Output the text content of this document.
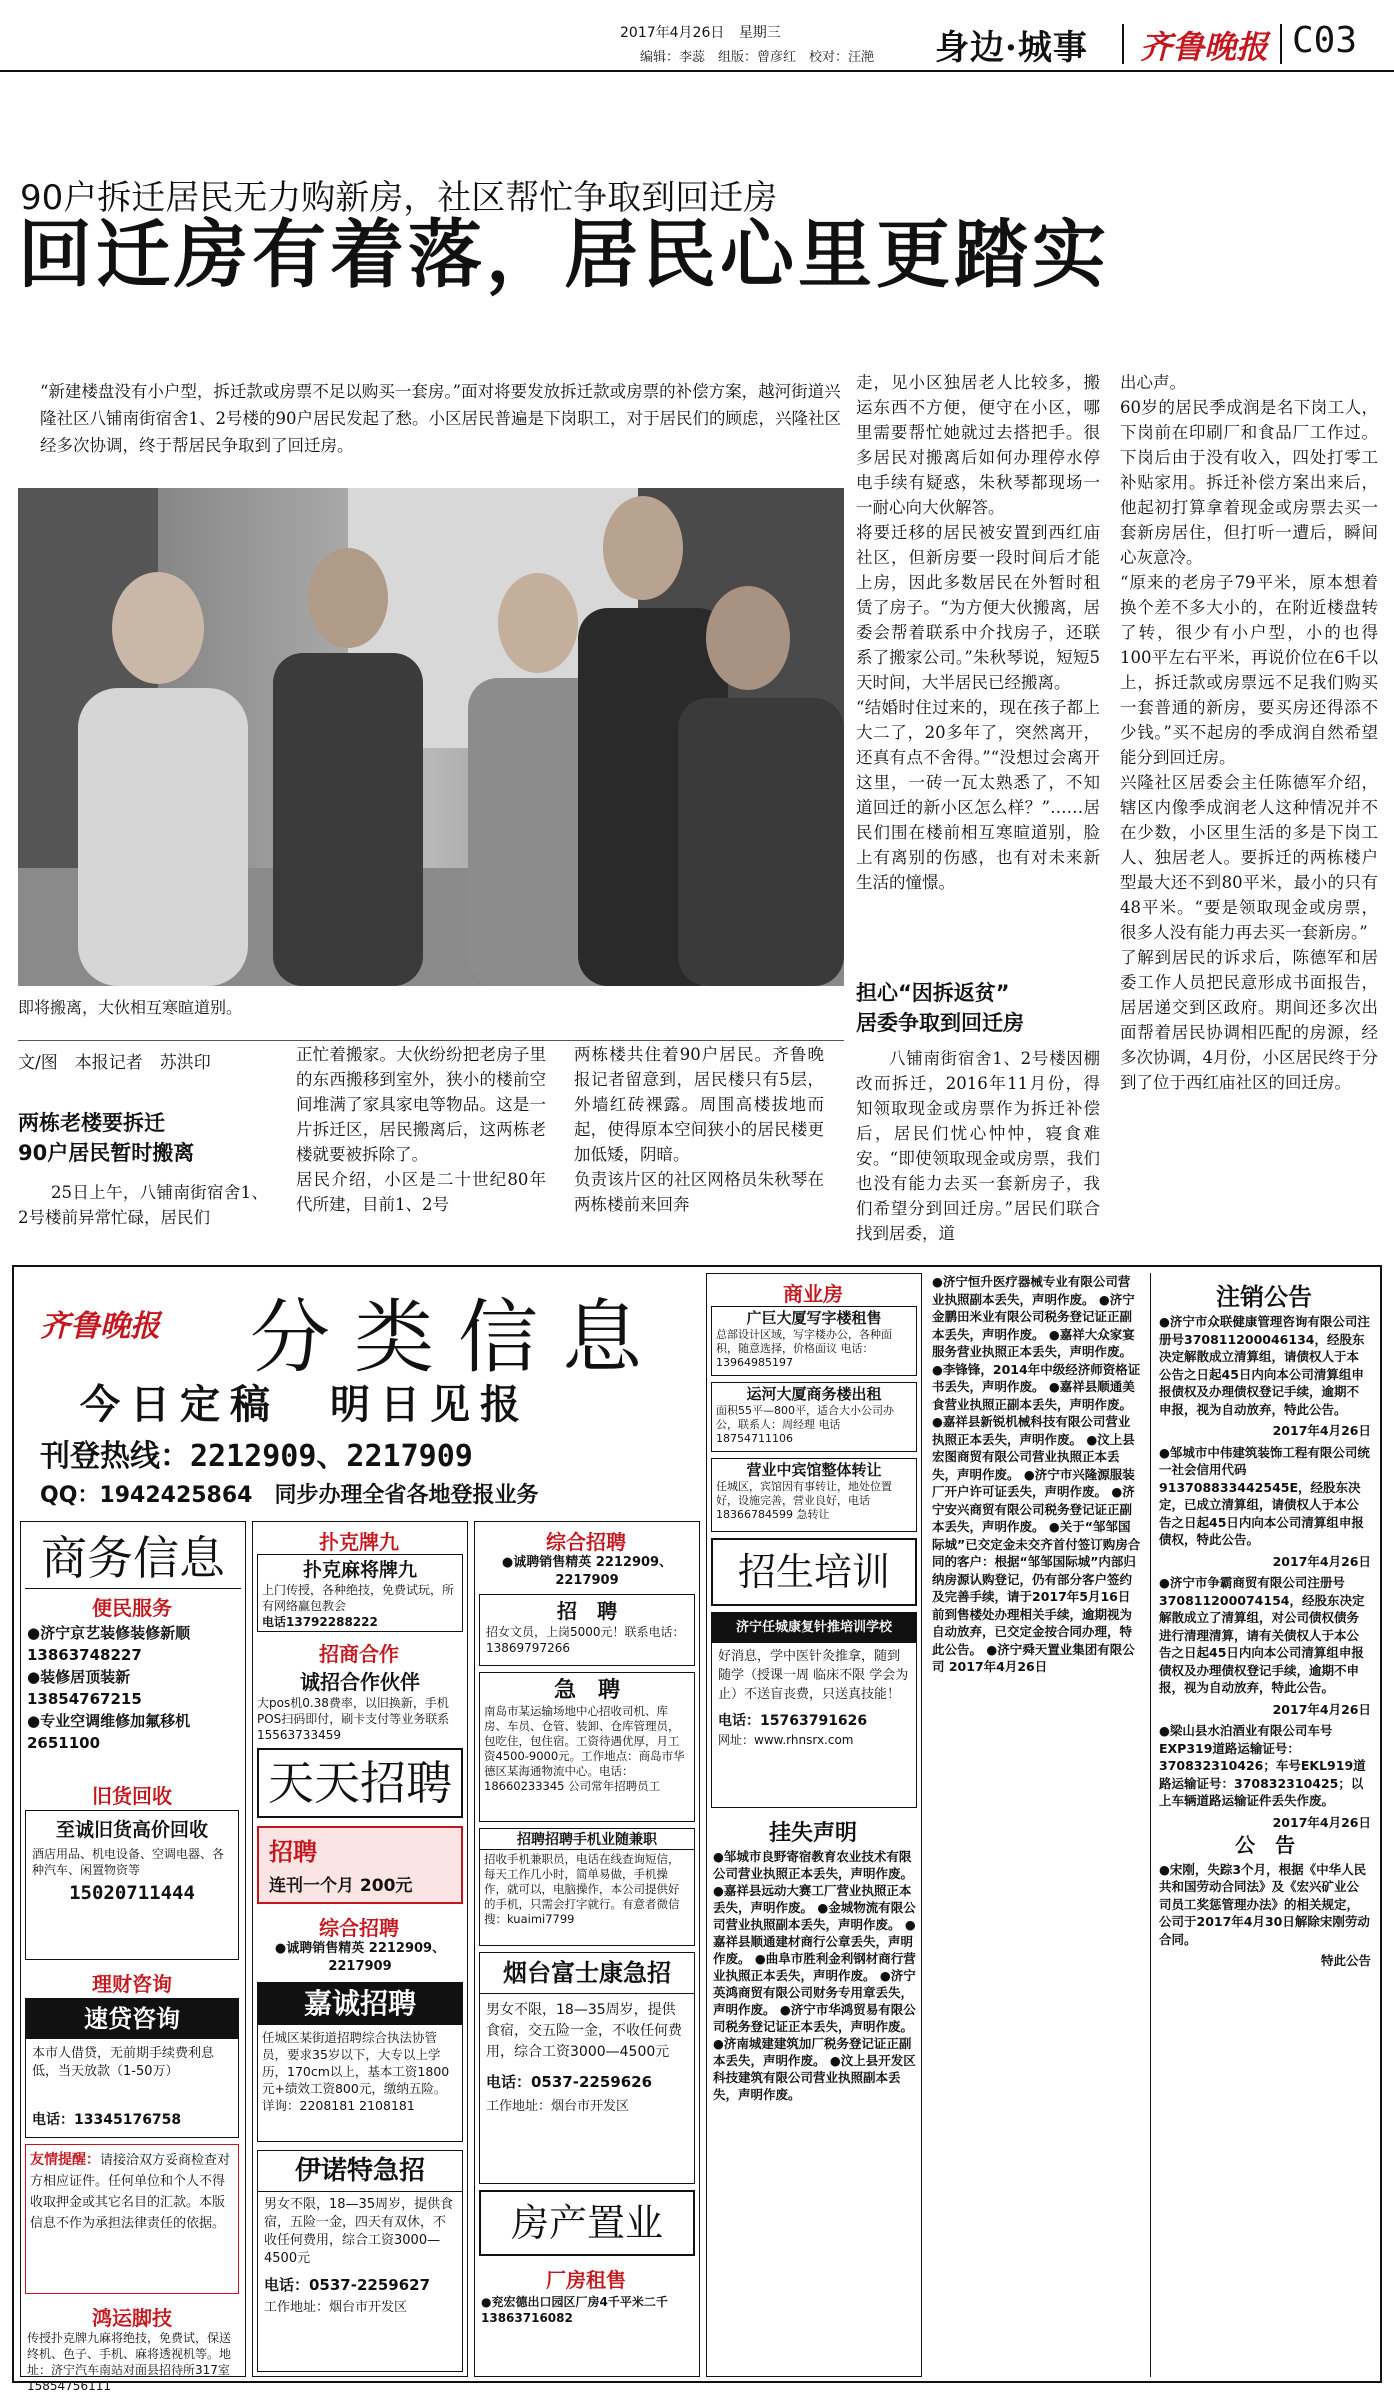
2017年4月26日 星期三
编辑：李蕊　组版：曾彦红　校对：汪滟 身边·城事 齐鲁晚报 C03
90户拆迁居民无力购新房，社区帮忙争取到回迁房
回迁房有着落，居民心里更踏实
“新建楼盘没有小户型，拆迁款或房票不足以购买一套房。”面对将要发放拆迁款或房票的补偿方案，越河街道兴隆社区八铺南街宿舍1、2号楼的90户居民发起了愁。小区居民普遍是下岗职工，对于居民们的顾虑，兴隆社区经多次协调，终于帮居民争取到了回迁房。
即将搬离，大伙相互寒暄道别。
文/图　本报记者　苏洪印
两栋老楼要拆迁
90户居民暂时搬离
25日上午，八铺南街宿舍1、2号楼前异常忙碌，居民们
正忙着搬家。大伙纷纷把老房子里的东西搬移到室外，狭小的楼前空间堆满了家具家电等物品。这是一片拆迁区，居民搬离后，这两栋老楼就要被拆除了。
居民介绍，小区是二十世纪80年代所建，目前1、2号
两栋楼共住着90户居民。齐鲁晚报记者留意到，居民楼只有5层，外墙红砖裸露。周围高楼拔地而起，使得原本空间狭小的居民楼更加低矮，阴暗。
负责该片区的社区网格员朱秋琴在两栋楼前来回奔
走，见小区独居老人比较多，搬运东西不方便，便守在小区，哪里需要帮忙她就过去搭把手。很多居民对搬离后如何办理停水停电手续有疑惑，朱秋琴都现场一一耐心向大伙解答。
将要迁移的居民被安置到西红庙社区，但新房要一段时间后才能上房，因此多数居民在外暂时租赁了房子。“为方便大伙搬离，居委会帮着联系中介找房子，还联系了搬家公司。”朱秋琴说，短短5天时间，大半居民已经搬离。
“结婚时住过来的，现在孩子都上大二了，20多年了，突然离开，还真有点不舍得。”“没想过会离开这里，一砖一瓦太熟悉了，不知道回迁的新小区怎么样？”……居民们围在楼前相互寒暄道别，脸上有离别的伤感，也有对未来新生活的憧憬。
担心“因拆返贫”
居委争取到回迁房
八铺南街宿舍1、2号楼因棚改而拆迁，2016年11月份，得知领取现金或房票作为拆迁补偿后，居民们忧心忡忡，寝食难安。“即使领取现金或房票，我们也没有能力去买一套新房子，我们希望分到回迁房。”居民们联合找到居委，道
出心声。
60岁的居民季成润是名下岗工人，下岗前在印刷厂和食品厂工作过。下岗后由于没有收入，四处打零工补贴家用。拆迁补偿方案出来后，他起初打算拿着现金或房票去买一套新房居住，但打听一遭后，瞬间心灰意冷。
“原来的老房子79平米，原本想着换个差不多大小的，在附近楼盘转了转，很少有小户型，小的也得100平左右平米，再说价位在6千以上，拆迁款或房票远不足我们购买一套普通的新房，要买房还得添不少钱。”买不起房的季成润自然希望能分到回迁房。
兴隆社区居委会主任陈德军介绍，辖区内像季成润老人这种情况并不在少数，小区里生活的多是下岗工人、独居老人。要拆迁的两栋楼户型最大还不到80平米，最小的只有48平米。“要是领取现金或房票，很多人没有能力再去买一套新房。”
了解到居民的诉求后，陈德军和居委工作人员把民意形成书面报告，居居递交到区政府。期间还多次出面帮着居民协调相匹配的房源，经多次协调，4月份，小区居民终于分到了位于西红庙社区的回迁房。
齐鲁晚报 分类信息
今日定稿　明日见报
刊登热线：2212909、2217909
QQ：1942425864　同步办理全省各地登报业务
商务信息
便民服务
●济宁京艺装修装修新顺 13863748227
●装修居顶装新 13854767215
●专业空调维修加氟移机 2651100
旧货回收
至诚旧货高价回收
酒店用品、机电设备、空调电器、各种汽车、闲置物资等
15020711444
理财咨询
速贷咨询
本市人借贷，无前期手续费利息低，当天放款（1-50万）
电话：13345176758
友情提醒：请接洽双方妥商检查对方相应证件。任何单位和个人不得收取押金或其它名目的汇款。本版信息不作为承担法律责任的依据。
鸿运脚技
传授扑克牌九麻将绝技，免费试，保送终机、色子、手机、麻将透视机等。地址：济宁汽车南站对面县招待所317室 15854756111
扑克牌九
扑克麻将牌九
上门传授，各种绝技，免费试玩，所有网络赢包教会
电话13792288222
招商合作
诚招合作伙伴
大pos机0.38费率，以旧换新，手机POS扫码即付，刷卡支付等业务联系 15563733459
天天招聘
招聘
连刊一个月 200元
综合招聘
●诚聘销售精英 2212909、2217909
嘉诚招聘
任城区某街道招聘综合执法协管员，要求35岁以下，大专以上学历，170cm以上，基本工资1800元+绩效工资800元，缴纳五险。详询：2208181 2108181
伊诺特急招
男女不限，18—35周岁，提供食宿，五险一金，四天有双休，不收任何费用，综合工资3000—4500元
电话：0537-2259627
工作地址：烟台市开发区
综合招聘
●诚聘销售精英 2212909、2217909
招　聘
招女文员，上岗5000元！联系电话：13869797266
急　聘
南岛市某运输场地中心招收司机、库房、车员、仓管、装卸、仓库管理员，包吃住，包住宿。工资待遇优厚，月工资4500-9000元。工作地点：商岛市华德区某海通物流中心。电话：18660233345 公司常年招聘员工
招聘招聘手机业随兼职
招收手机兼职员，电话在线查询短信，每天工作几小时，简单易做，手机操作，就可以，电脑操作，本公司提供好的手机，只需会打字就行。有意者微信搜：kuaimi7799
烟台富士康急招
男女不限，18—35周岁，提供食宿，交五险一金，不收任何费用，综合工资3000—4500元
电话：0537-2259626
工作地址：烟台市开发区
房产置业
厂房租售
●兖宏德出口园区厂房4千平米二千 13863716082
商业房
广巨大厦写字楼租售
总部设计区域，写字楼办公，各种面积，随意选择，价格面议 电话：13964985197
运河大厦商务楼出租
面积55平—800平，适合大小公司办公，联系人：周经理 电话18754711106
营业中宾馆整体转让
任城区，宾馆因有事转让，地处位置好，设施完善，营业良好，电话 18366784599 急转让
招生培训
济宁任城康复针推培训学校
好消息，学中医针灸推拿，随到随学（授课一周 临床不限 学会为止）不送盲丧费，只送真技能！
电话：15763791626
网址：www.rhnsrx.com
挂失声明
●邹城市良野寄宿教育农业技术有限公司营业执照正本丢失，声明作废。 ●嘉祥县远动大赛工厂营业执照正本丢失，声明作废。 ●金城物流有限公司营业执照副本丢失，声明作废。 ●嘉祥县顺通建材商行公章丢失，声明作废。 ●曲阜市胜利金利钢材商行营业执照正本丢失，声明作废。 ●济宁英鸿商贸有限公司财务专用章丢失，声明作废。 ●济宁市华鸿贸易有限公司税务登记证正本丢失，声明作废。 ●济南城建建筑加厂税务登记证正副本丢失，声明作废。 ●汶上县开发区科技建筑有限公司营业执照副本丢失，声明作废。
●济宁恒升医疗器械专业有限公司营业执照副本丢失，声明作废。 ●济宁金鹏田米业有限公司税务登记证正副本丢失，声明作废。 ●嘉祥大众家宴服务营业执照正本丢失，声明作废。 ●李锋锋，2014年中级经济师资格证书丢失，声明作废。 ●嘉祥县顺通美食营业执照正副本丢失，声明作废。 ●嘉祥县新锐机械科技有限公司营业执照正本丢失，声明作废。 ●汶上县宏图商贸有限公司营业执照正本丢失，声明作废。 ●济宁市兴隆源服装厂开户许可证丢失，声明作废。 ●济宁安兴商贸有限公司税务登记证正副本丢失，声明作废。 ●关于“邹邹国际城”已交定金未交齐首付签订购房合同的客户：根据“邹邹国际城”内部归纳房源认购登记，仍有部分客户签约及完善手续，请于2017年5月16日前到售楼处办理相关手续，逾期视为自动放弃，已交定金按合同办理，特此公告。 ●济宁舜天置业集团有限公司 2017年4月26日
注销公告
●济宁市众联健康管理咨询有限公司注册号370811200046134，经股东决定解散成立清算组，请债权人于本公告之日起45日内向本公司清算组申报债权及办理债权登记手续，逾期不申报，视为自动放弃，特此公告。
2017年4月26日
●邹城市中伟建筑装饰工程有限公司统一社会信用代码913708833442545E，经股东决定，已成立清算组，请债权人于本公告之日起45日内向本公司清算组申报债权，特此公告。
2017年4月26日
●济宁市争霸商贸有限公司注册号370811200074154，经股东决定解散成立了清算组，对公司债权债务进行清理清算，请有关债权人于本公告之日起45日内向本公司清算组申报债权及办理债权登记手续，逾期不申报，视为自动放弃，特此公告。
2017年4月26日
●梁山县水泊酒业有限公司车号EXP319道路运输证号：370832310426；车号EKL919道路运输证号：370832310425；以上车辆道路运输证件丢失作废。
2017年4月26日
公　告
●宋刚，失踪3个月，根据《中华人民共和国劳动合同法》及《宏兴矿业公司员工奖惩管理办法》的相关规定，公司于2017年4月30日解除宋刚劳动合同。
特此公告
